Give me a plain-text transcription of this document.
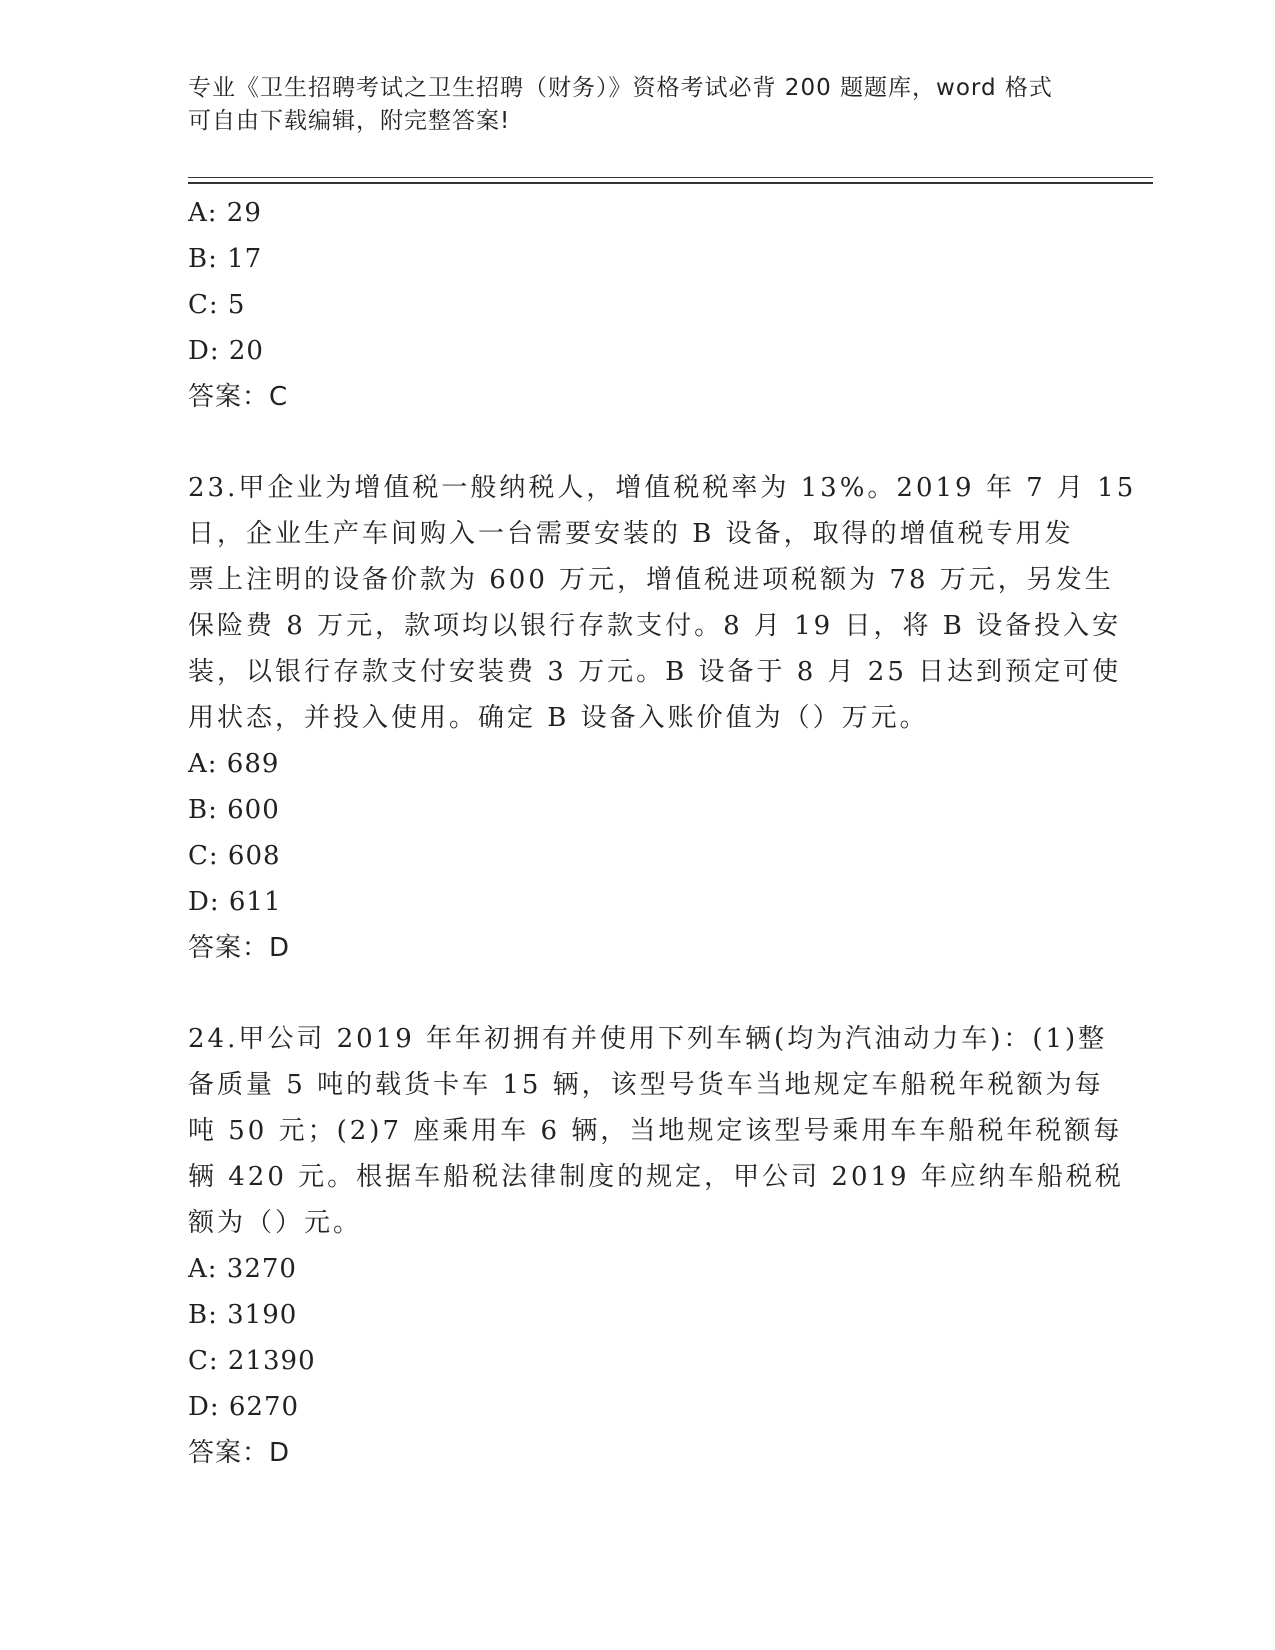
专业《卫生招聘考试之卫生招聘（财务）》资格考试必背 200 题题库，word 格式
可自由下载编辑，附完整答案!
A: 29
B: 17
C: 5
D: 20
答案：C
23.甲企业为增值税一般纳税人，增值税税率为 13%。2019 年 7 月 15
日，企业生产车间购入一台需要安装的 B 设备，取得的增值税专用发
票上注明的设备价款为 600 万元，增值税进项税额为 78 万元，另发生
保险费 8 万元，款项均以银行存款支付。8 月 19 日，将 B 设备投入安
装，以银行存款支付安装费 3 万元。B 设备于 8 月 25 日达到预定可使
用状态，并投入使用。确定 B 设备入账价值为（）万元。
A: 689
B: 600
C: 608
D: 611
答案：D
24.甲公司 2019 年年初拥有并使用下列车辆(均为汽油动力车)：(1)整
备质量 5 吨的载货卡车 15 辆，该型号货车当地规定车船税年税额为每
吨 50 元；(2)7 座乘用车 6 辆，当地规定该型号乘用车车船税年税额每
辆 420 元。根据车船税法律制度的规定，甲公司 2019 年应纳车船税税
额为（）元。
A: 3270
B: 3190
C: 21390
D: 6270
答案：D
